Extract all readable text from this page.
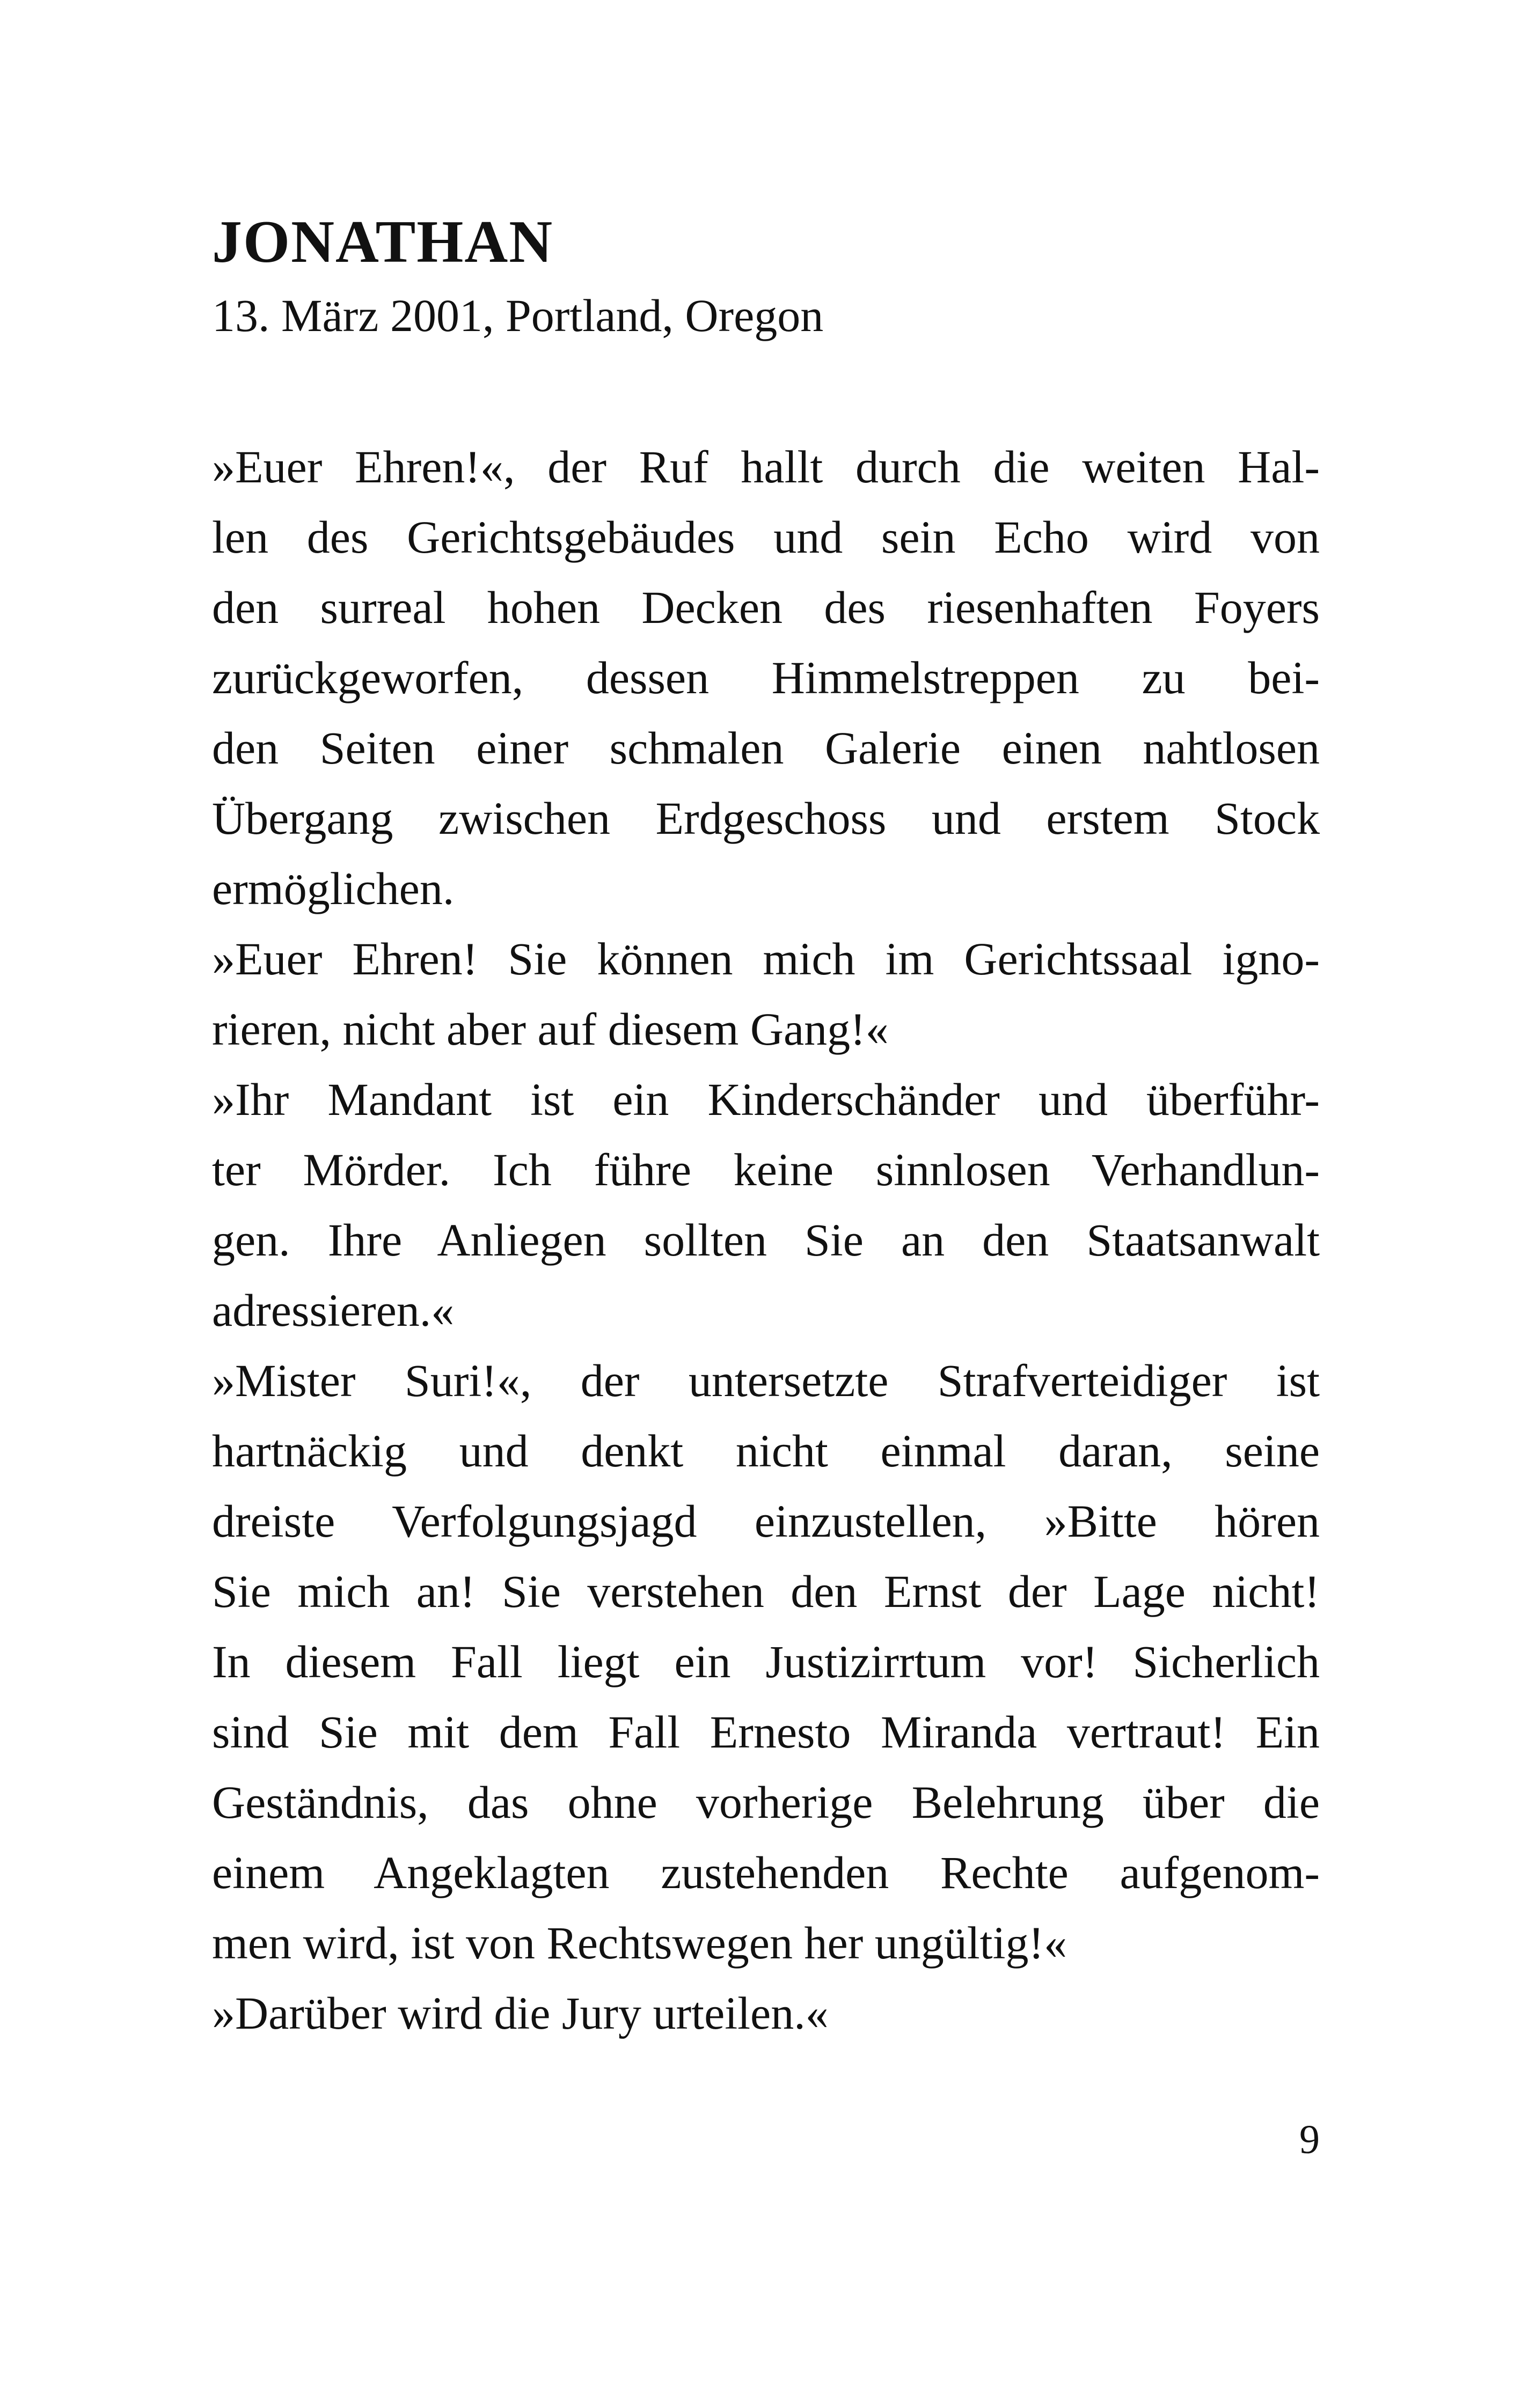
JONATHAN

13. März 2001, Portland, Oregon

»Euer Ehren!«, der Ruf hallt durch die weiten Hal-
len des Gerichtsgebäudes und sein Echo wird von
den surreal hohen Decken des riesenhaften Foyers
zurückgeworfen, dessen Himmelstreppen zu bei-
den Seiten einer schmalen Galerie einen nahtlosen
Übergang zwischen Erdgeschoss und erstem Stock
ermöglichen.
»Euer Ehren! Sie können mich im Gerichtssaal igno-
rieren, nicht aber auf diesem Gang!«
»Ihr Mandant ist ein Kinderschänder und überführ-
ter Mörder. Ich führe keine sinnlosen Verhandlun-
gen. Ihre Anliegen sollten Sie an den Staatsanwalt
adressieren.«
»Mister Suri!«, der untersetzte Strafverteidiger ist
hartnäckig und denkt nicht einmal daran, seine
dreiste Verfolgungsjagd einzustellen, »Bitte hören
Sie mich an! Sie verstehen den Ernst der Lage nicht!
In diesem Fall liegt ein Justizirrtum vor! Sicherlich
sind Sie mit dem Fall Ernesto Miranda vertraut! Ein
Geständnis, das ohne vorherige Belehrung über die
einem Angeklagten zustehenden Rechte aufgenom-
men wird, ist von Rechtswegen her ungültig!«
»Darüber wird die Jury urteilen.«

9
